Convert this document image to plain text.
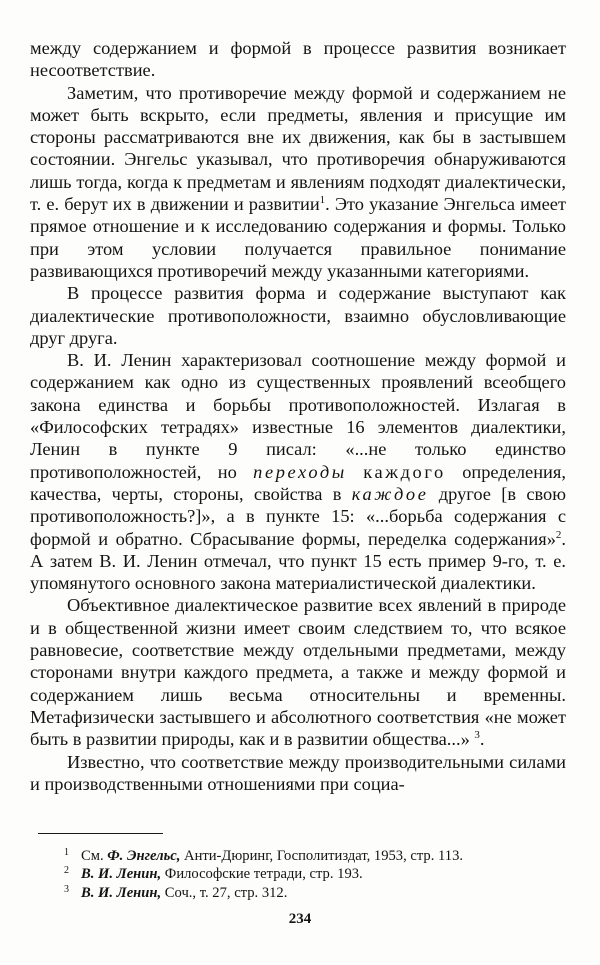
между содержанием и формой в процессе развития возникает несоответствие.

Заметим, что противоречие между формой и содержанием не может быть вскрыто, если предметы, явления и присущие им стороны рассматриваются вне их движения, как бы в застывшем состоянии. Энгельс указывал, что противоречия обнаруживаются лишь тогда, когда к предметам и явлениям подходят диалектически, т. е. берут их в движении и развитии$^1$. Это указание Энгельса имеет прямое отношение и к исследованию содержания и формы. Только при этом условии получается правильное понимание развивающихся противоречий между указанными категориями.

В процессе развития форма и содержание выступают как диалектические противоположности, взаимно обусловливающие друг друга.

В. И. Ленин характеризовал соотношение между формой и содержанием как одно из существенных проявлений всеобщего закона единства и борьбы противоположностей. Излагая в «Философских тетрадях» известные 16 элементов диалектики, Ленин в пункте 9 писал: «...не только единство противоположностей, но переходы каждого определения, качества, черты, стороны, свойства в каждое другое [в свою противоположность?]», а в пункте 15: «...борьба содержания с формой и обратно. Сбрасывание формы, переделка содержания»$^2$. А затем В. И. Ленин отмечал, что пункт 15 есть пример 9-го, т. е. упомянутого основного закона материалистической диалектики.

Объективное диалектическое развитие всех явлений в природе и в общественной жизни имеет своим следствием то, что всякое равновесие, соответствие между отдельными предметами, между сторонами внутри каждого предмета, а также и между формой и содержанием лишь весьма относительны и временны. Метафизически застывшего и абсолютного соответствия «не может быть в развитии природы, как и в развитии общества...» $^3$.

Известно, что соответствие между производительными силами и производственными отношениями при социа-

1 См. Ф. Энгельс, Анти-Дюринг, Госполитиздат, 1953, стр. 113.

2 В. И. Ленин, Философские тетради, стр. 193.

3 В. И. Ленин, Соч., т. 27, стр. 312.

234
